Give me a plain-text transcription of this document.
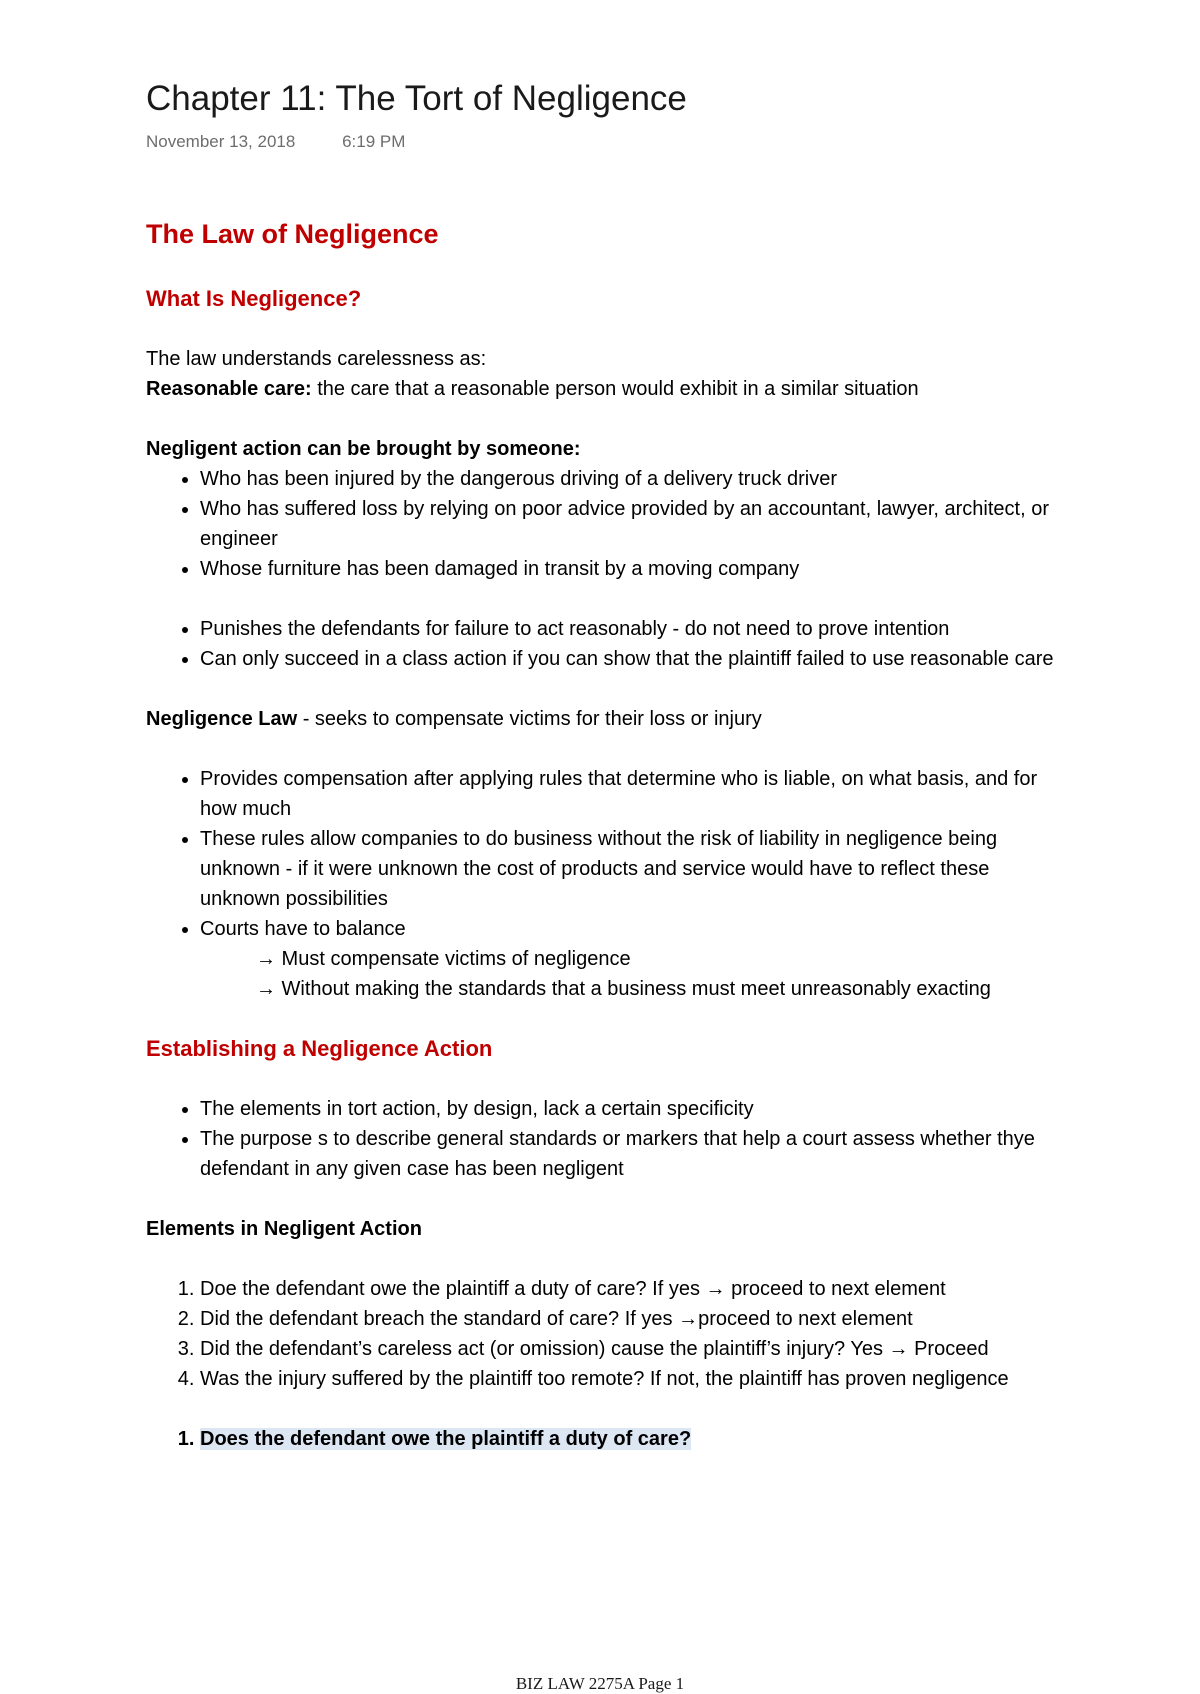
Chapter 11: The Tort of Negligence
November 13, 2018	6:19 PM
The Law of Negligence
What Is Negligence?

The law understands carelessness as:

Reasonable care: the care that a reasonable person would exhibit in a similar situation

Negligent action can be brought by someone:

• Who has been injured by the dangerous driving of a delivery truck driver
• Who has suffered loss by relying on poor advice provided by an accountant, lawyer, architect, or engineer
• Whose furniture has been damaged in transit by a moving company
• Punishes the defendants for failure to act reasonably - do not need to prove intention
• Can only succeed in a class action if you can show that the plaintiff failed to use reasonable care

Negligence Law - seeks to compensate victims for their loss or injury

• Provides compensation after applying rules that determine who is liable, on what basis, and for how much
• These rules allow companies to do business without the risk of liability in negligence being unknown - if it were unknown the cost of products and service would have to reflect these unknown possibilities
• Courts have to balance
→ Must compensate victims of negligence
→ Without making the standards that a business must meet unreasonably exacting
Establishing a Negligence Action
• The elements in tort action, by design, lack a certain specificity
• The purpose s to describe general standards or markers that help a court assess whether thye defendant in any given case has been negligent

Elements in Negligent Action

1. Doe the defendant owe the plaintiff a duty of care? If yes → proceed to next element
2. Did the defendant breach the standard of care? If yes →proceed to next element
3. Did the defendant’s careless act (or omission) cause the plaintiff’s injury? Yes → Proceed
4. Was the injury suffered by the plaintiff too remote? If not, the plaintiff has proven negligence
1. Does the defendant owe the plaintiff a duty of care?
BIZ LAW 2275A Page 1
